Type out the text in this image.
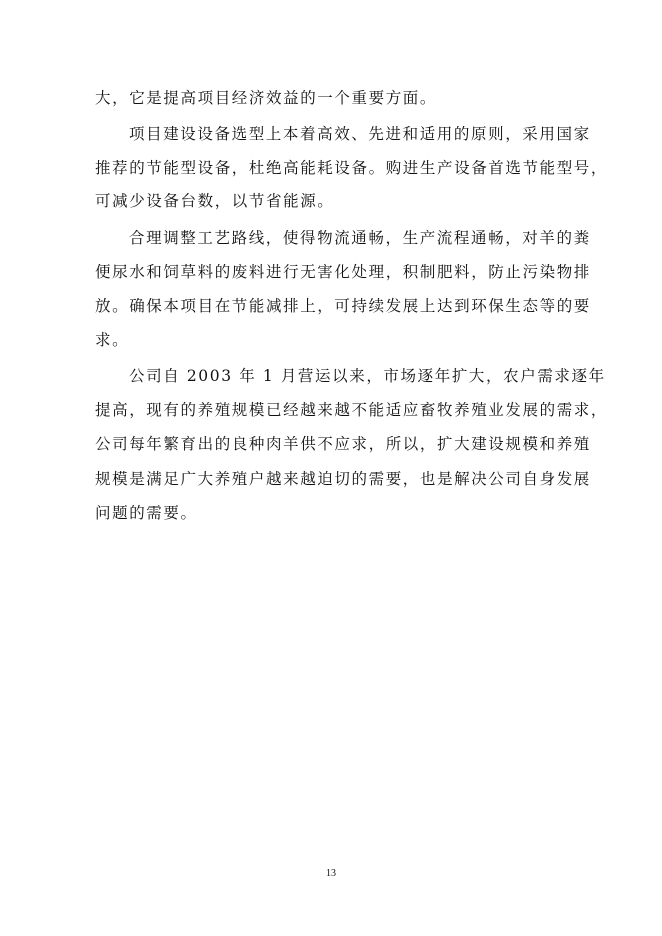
大，它是提高项目经济效益的一个重要方面。
项目建设设备选型上本着高效、先进和适用的原则，采用国家
推荐的节能型设备，杜绝高能耗设备。购进生产设备首选节能型号，
可减少设备台数，以节省能源。
合理调整工艺路线，使得物流通畅，生产流程通畅，对羊的粪
便尿水和饲草料的废料进行无害化处理，积制肥料，防止污染物排
放。确保本项目在节能减排上，可持续发展上达到环保生态等的要
求。
公司自 2003 年 1 月营运以来，市场逐年扩大，农户需求逐年
提高，现有的养殖规模已经越来越不能适应畜牧养殖业发展的需求，
公司每年繁育出的良种肉羊供不应求，所以，扩大建设规模和养殖
规模是满足广大养殖户越来越迫切的需要，也是解决公司自身发展
问题的需要。
13
